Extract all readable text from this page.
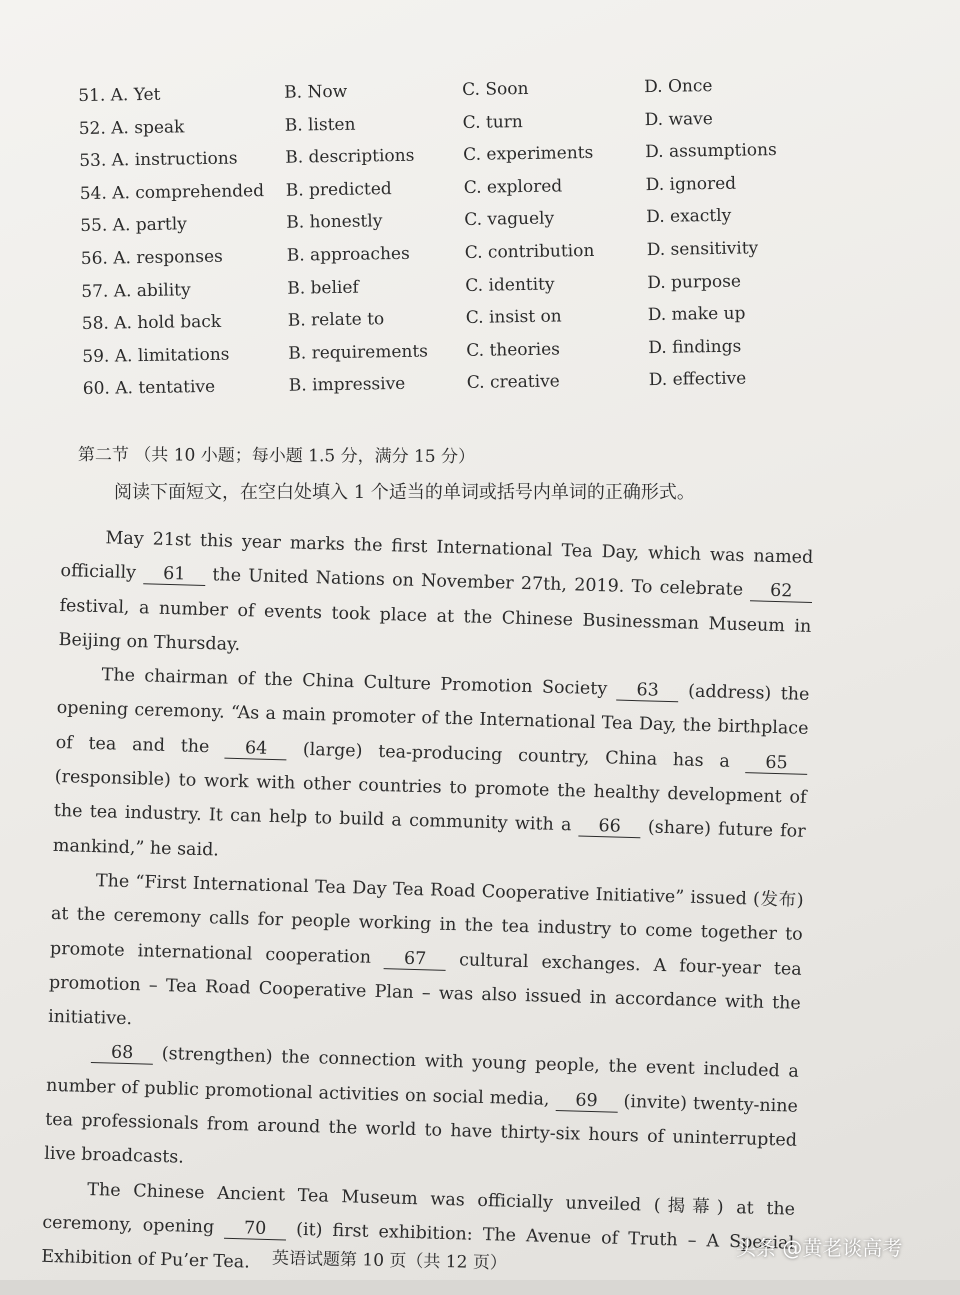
51. A. Yet	B. Now	C. Soon	D. Once
52. A. speak	B. listen	C. turn	D. wave
53. A. instructions	B. descriptions	C. experiments	D. assumptions
54. A. comprehended	B. predicted	C. explored	D. ignored
55. A. partly	B. honestly	C. vaguely	D. exactly
56. A. responses	B. approaches	C. contribution	D. sensitivity
57. A. ability	B. belief	C. identity	D. purpose
58. A. hold back	B. relate to	C. insist on	D. make up
59. A. limitations	B. requirements	C. theories	D. findings
60. A. tentative	B. impressive	C. creative	D. effective
第二节 （共 10 小题；每小题 1.5 分，满分 15 分）
阅读下面短文，在空白处填入 1 个适当的单词或括号内单词的正确形式。

May 21st this year marks the first International Tea Day, which was named officially 61 the United Nations on November 27th, 2019. To celebrate 62 festival, a number of events took place at the Chinese Businessman Museum in Beijing on Thursday.

The chairman of the China Culture Promotion Society 63 (address) the opening ceremony. “As a main promoter of the International Tea Day, the birthplace of tea and the 64 (large) tea-producing country, China has a 65 (responsible) to work with other countries to promote the healthy development of the tea industry. It can help to build a community with a 66 (share) future for mankind,” he said.

The “First International Tea Day Tea Road Cooperative Initiative” issued (发布) at the ceremony calls for people working in the tea industry to come together to promote international cooperation 67 cultural exchanges. A four-year tea promotion – Tea Road Cooperative Plan – was also issued in accordance with the initiative.

68 (strengthen) the connection with young people, the event included a number of public promotional activities on social media, 69 (invite) twenty-nine tea professionals from around the world to have thirty-six hours of uninterrupted live broadcasts.

The Chinese Ancient Tea Museum was officially unveiled (揭幕) at the ceremony, opening 70 (it) first exhibition: The Avenue of Truth – A Special Exhibition of Pu’er Tea.	英语试题第 10 页（共 12 页）
头条 @黄老谈高考
